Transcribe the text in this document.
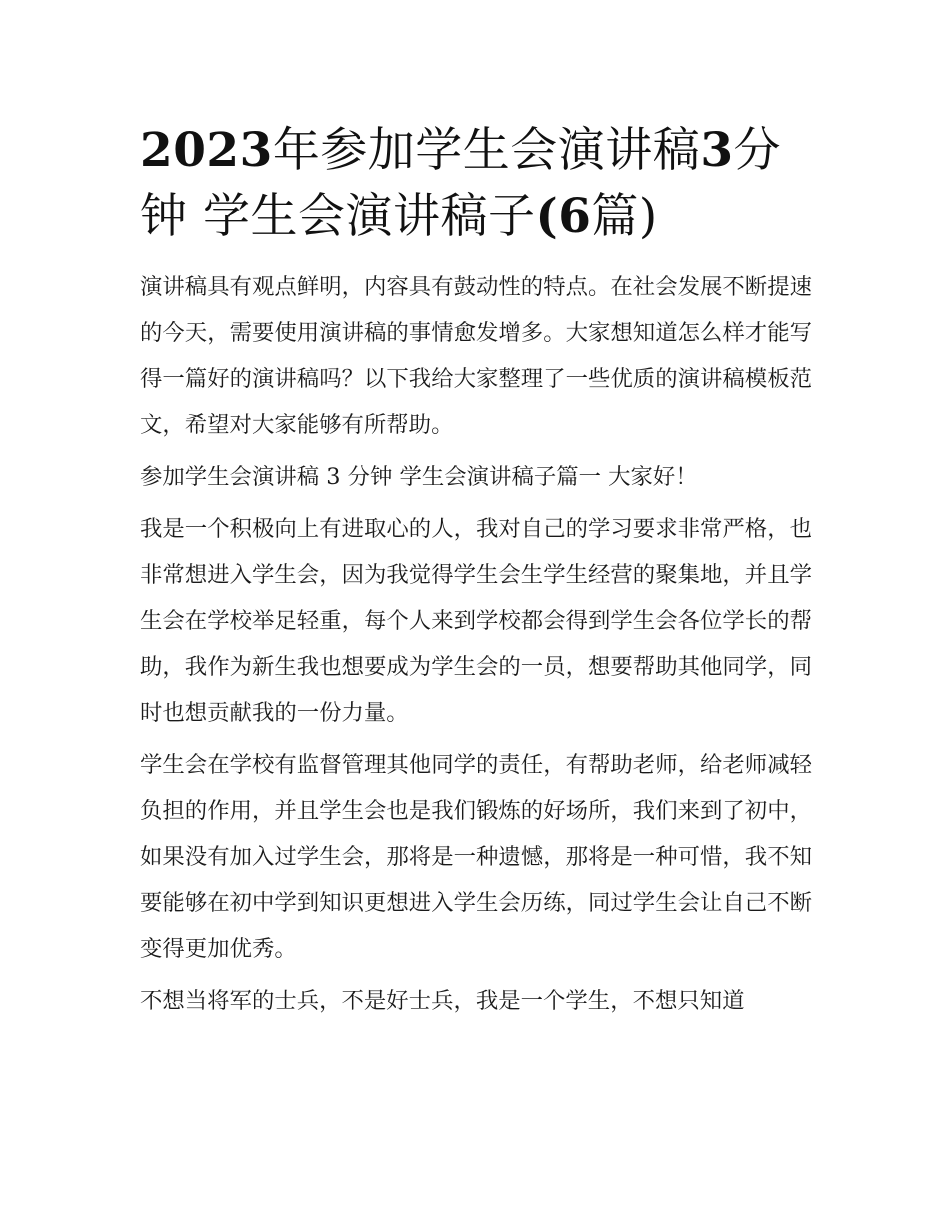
2023年参加学生会演讲稿3分钟 学生会演讲稿子(6篇)

演讲稿具有观点鲜明，内容具有鼓动性的特点。在社会发展不断提速的今天，需要使用演讲稿的事情愈发增多。大家想知道怎么样才能写得一篇好的演讲稿吗？以下我给大家整理了一些优质的演讲稿模板范文，希望对大家能够有所帮助。

参加学生会演讲稿 3 分钟 学生会演讲稿子篇一 大家好！

我是一个积极向上有进取心的人，我对自己的学习要求非常严格，也非常想进入学生会，因为我觉得学生会生学生经营的聚集地，并且学生会在学校举足轻重，每个人来到学校都会得到学生会各位学长的帮助，我作为新生我也想要成为学生会的一员，想要帮助其他同学，同时也想贡献我的一份力量。

学生会在学校有监督管理其他同学的责任，有帮助老师，给老师减轻负担的作用，并且学生会也是我们锻炼的好场所，我们来到了初中，如果没有加入过学生会，那将是一种遗憾，那将是一种可惜，我不知要能够在初中学到知识更想进入学生会历练，同过学生会让自己不断变得更加优秀。

不想当将军的士兵，不是好士兵，我是一个学生，不想只知道
